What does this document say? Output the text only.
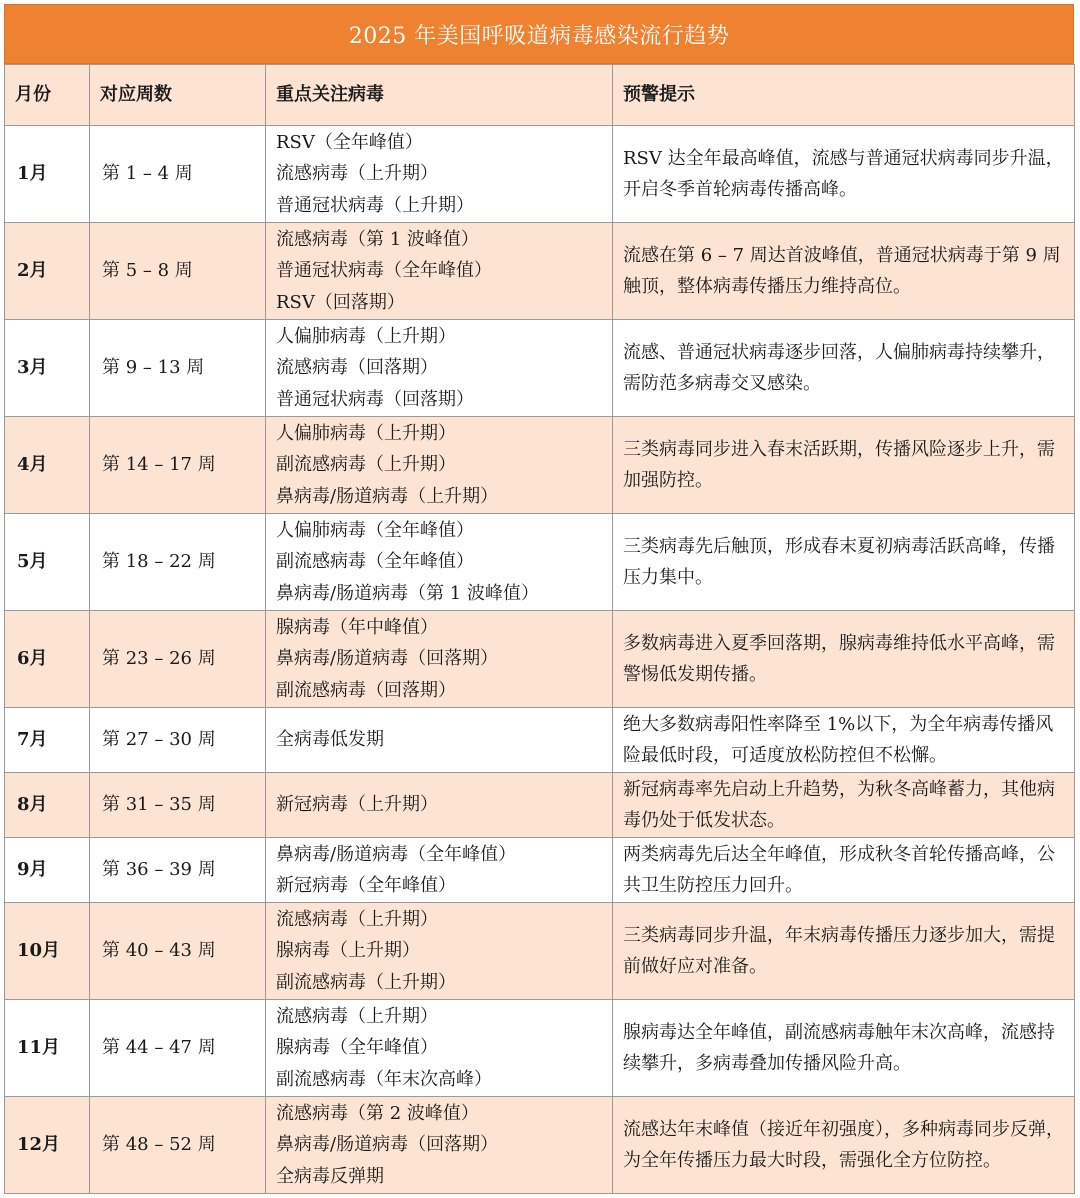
2025 年美国呼吸道病毒感染流行趋势
月份	对应周数	重点关注病毒	预警提示
1月	第 1 – 4 周	RSV（全年峰值）
流感病毒（上升期）
普通冠状病毒（上升期）	RSV 达全年最高峰值，流感与普通冠状病毒同步升温，开启冬季首轮病毒传播高峰。
2月	第 5 – 8 周	流感病毒（第 1 波峰值）
普通冠状病毒（全年峰值）
RSV（回落期）	流感在第 6 – 7 周达首波峰值，普通冠状病毒于第 9 周触顶，整体病毒传播压力维持高位。
3月	第 9 – 13 周	人偏肺病毒（上升期）
流感病毒（回落期）
普通冠状病毒（回落期）	流感、普通冠状病毒逐步回落，人偏肺病毒持续攀升，需防范多病毒交叉感染。
4月	第 14 – 17 周	人偏肺病毒（上升期）
副流感病毒（上升期）
鼻病毒/肠道病毒（上升期）	三类病毒同步进入春末活跃期，传播风险逐步上升，需加强防控。
5月	第 18 – 22 周	人偏肺病毒（全年峰值）
副流感病毒（全年峰值）
鼻病毒/肠道病毒（第 1 波峰值）	三类病毒先后触顶，形成春末夏初病毒活跃高峰，传播压力集中。
6月	第 23 – 26 周	腺病毒（年中峰值）
鼻病毒/肠道病毒（回落期）
副流感病毒（回落期）	多数病毒进入夏季回落期，腺病毒维持低水平高峰，需警惕低发期传播。
7月	第 27 – 30 周	全病毒低发期	绝大多数病毒阳性率降至 1%以下，为全年病毒传播风险最低时段，可适度放松防控但不松懈。
8月	第 31 – 35 周	新冠病毒（上升期）	新冠病毒率先启动上升趋势，为秋冬高峰蓄力，其他病毒仍处于低发状态。
9月	第 36 – 39 周	鼻病毒/肠道病毒（全年峰值）
新冠病毒（全年峰值）	两类病毒先后达全年峰值，形成秋冬首轮传播高峰，公共卫生防控压力回升。
10月	第 40 – 43 周	流感病毒（上升期）
腺病毒（上升期）
副流感病毒（上升期）	三类病毒同步升温，年末病毒传播压力逐步加大，需提前做好应对准备。
11月	第 44 – 47 周	流感病毒（上升期）
腺病毒（全年峰值）
副流感病毒（年末次高峰）	腺病毒达全年峰值，副流感病毒触年末次高峰，流感持续攀升，多病毒叠加传播风险升高。
12月	第 48 – 52 周	流感病毒（第 2 波峰值）
鼻病毒/肠道病毒（回落期）
全病毒反弹期	流感达年末峰值（接近年初强度），多种病毒同步反弹，为全年传播压力最大时段，需强化全方位防控。
